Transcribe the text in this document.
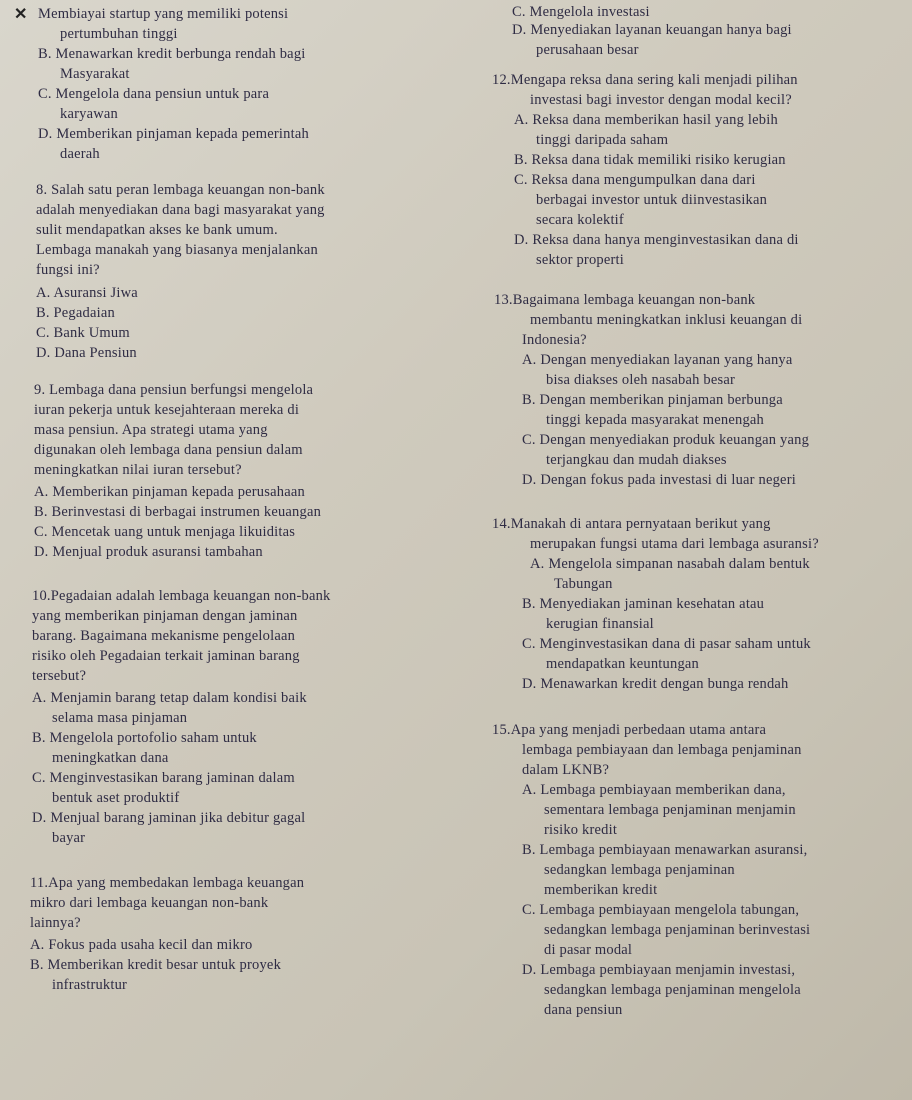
✕ Membiayai startup yang memiliki potensi
pertumbuhan tinggi
B. Menawarkan kredit berbunga rendah bagi
Masyarakat
C. Mengelola dana pensiun untuk para
karyawan
D. Memberikan pinjaman kepada pemerintah
daerah
8. Salah satu peran lembaga keuangan non-bank
adalah menyediakan dana bagi masyarakat yang
sulit mendapatkan akses ke bank umum.
Lembaga manakah yang biasanya menjalankan
fungsi ini?
A. Asuransi Jiwa
B. Pegadaian
C. Bank Umum
D. Dana Pensiun
9. Lembaga dana pensiun berfungsi mengelola
iuran pekerja untuk kesejahteraan mereka di
masa pensiun. Apa strategi utama yang
digunakan oleh lembaga dana pensiun dalam
meningkatkan nilai iuran tersebut?
A. Memberikan pinjaman kepada perusahaan
B. Berinvestasi di berbagai instrumen keuangan
C. Mencetak uang untuk menjaga likuiditas
D. Menjual produk asuransi tambahan
10.Pegadaian adalah lembaga keuangan non-bank
yang memberikan pinjaman dengan jaminan
barang. Bagaimana mekanisme pengelolaan
risiko oleh Pegadaian terkait jaminan barang
tersebut?
A. Menjamin barang tetap dalam kondisi baik
selama masa pinjaman
B. Mengelola portofolio saham untuk
meningkatkan dana
C. Menginvestasikan barang jaminan dalam
bentuk aset produktif
D. Menjual barang jaminan jika debitur gagal
bayar
11.Apa yang membedakan lembaga keuangan
mikro dari lembaga keuangan non-bank
lainnya?
A. Fokus pada usaha kecil dan mikro
B. Memberikan kredit besar untuk proyek
infrastruktur
C. Mengelola investasi
D. Menyediakan layanan keuangan hanya bagi
perusahaan besar
12.Mengapa reksa dana sering kali menjadi pilihan
investasi bagi investor dengan modal kecil?
A. Reksa dana memberikan hasil yang lebih
tinggi daripada saham
B. Reksa dana tidak memiliki risiko kerugian
C. Reksa dana mengumpulkan dana dari
berbagai investor untuk diinvestasikan
secara kolektif
D. Reksa dana hanya menginvestasikan dana di
sektor properti
13.Bagaimana lembaga keuangan non-bank
membantu meningkatkan inklusi keuangan di
Indonesia?
A. Dengan menyediakan layanan yang hanya
bisa diakses oleh nasabah besar
B. Dengan memberikan pinjaman berbunga
tinggi kepada masyarakat menengah
C. Dengan menyediakan produk keuangan yang
terjangkau dan mudah diakses
D. Dengan fokus pada investasi di luar negeri
14.Manakah di antara pernyataan berikut yang
merupakan fungsi utama dari lembaga asuransi?
A. Mengelola simpanan nasabah dalam bentuk
Tabungan
B. Menyediakan jaminan kesehatan atau
kerugian finansial
C. Menginvestasikan dana di pasar saham untuk
mendapatkan keuntungan
D. Menawarkan kredit dengan bunga rendah
15.Apa yang menjadi perbedaan utama antara
lembaga pembiayaan dan lembaga penjaminan
dalam LKNB?
A. Lembaga pembiayaan memberikan dana,
sementara lembaga penjaminan menjamin
risiko kredit
B. Lembaga pembiayaan menawarkan asuransi,
sedangkan lembaga penjaminan
memberikan kredit
C. Lembaga pembiayaan mengelola tabungan,
sedangkan lembaga penjaminan berinvestasi
di pasar modal
D. Lembaga pembiayaan menjamin investasi,
sedangkan lembaga penjaminan mengelola
dana pensiun
